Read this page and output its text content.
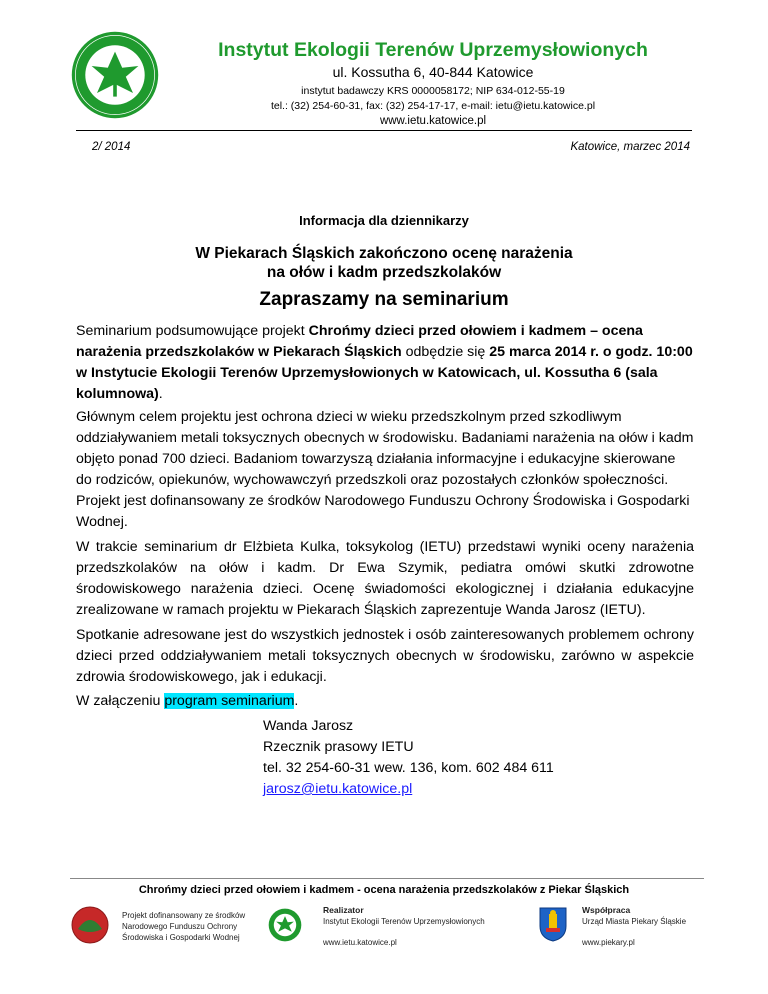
Instytut Ekologii Terenów Uprzemysłowionych
ul. Kossutha 6, 40-844 Katowice
instytut badawczy KRS 0000058172; NIP 634-012-55-19
tel.: (32) 254-60-31, fax: (32) 254-17-17, e-mail: ietu@ietu.katowice.pl
www.ietu.katowice.pl
2/ 2014	Katowice, marzec 2014
Informacja dla dziennikarzy
W Piekarach Śląskich zakończono ocenę narażenia
na ołów i kadm przedszkolaków
Zapraszamy na seminarium

Seminarium podsumowujące projekt Chrońmy dzieci przed ołowiem i kadmem – ocena narażenia przedszkolaków w Piekarach Śląskich odbędzie się 25 marca 2014 r. o godz. 10:00 w Instytucie Ekologii Terenów Uprzemysłowionych w Katowicach, ul. Kossutha 6 (sala kolumnowa).

Głównym celem projektu jest ochrona dzieci w wieku przedszkolnym przed szkodliwym oddziaływaniem metali toksycznych obecnych w środowisku. Badaniami narażenia na ołów i kadm objęto ponad 700 dzieci. Badaniom towarzyszą działania informacyjne i edukacyjne skierowane do rodziców, opiekunów, wychowawczyń przedszkoli oraz pozostałych członków społeczności. Projekt jest dofinansowany ze środków Narodowego Funduszu Ochrony Środowiska i Gospodarki Wodnej.

W trakcie seminarium dr Elżbieta Kulka, toksykolog (IETU) przedstawi wyniki oceny narażenia przedszkolaków na ołów i kadm. Dr Ewa Szymik, pediatra omówi skutki zdrowotne środowiskowego narażenia dzieci. Ocenę świadomości ekologicznej i działania edukacyjne zrealizowane w ramach projektu w Piekarach Śląskich zaprezentuje Wanda Jarosz (IETU).

Spotkanie adresowane jest do wszystkich jednostek i osób zainteresowanych problemem ochrony dzieci przed oddziaływaniem metali toksycznych obecnych w środowisku, zarówno w aspekcie zdrowia środowiskowego, jak i edukacji.

W załączeniu program seminarium.

Wanda Jarosz
Rzecznik prasowy IETU
tel. 32 254-60-31 wew. 136, kom. 602 484 611
jarosz@ietu.katowice.pl
Chrońmy dzieci przed ołowiem i kadmem - ocena narażenia przedszkolaków z Piekar Śląskich
Projekt dofinansowany ze środków
Narodowego Funduszu Ochrony
Środowiska i Gospodarki Wodnej
Realizator
Instytut Ekologii Terenów Uprzemysłowionych
www.ietu.katowice.pl
Współpraca
Urząd Miasta Piekary Śląskie
www.piekary.pl
